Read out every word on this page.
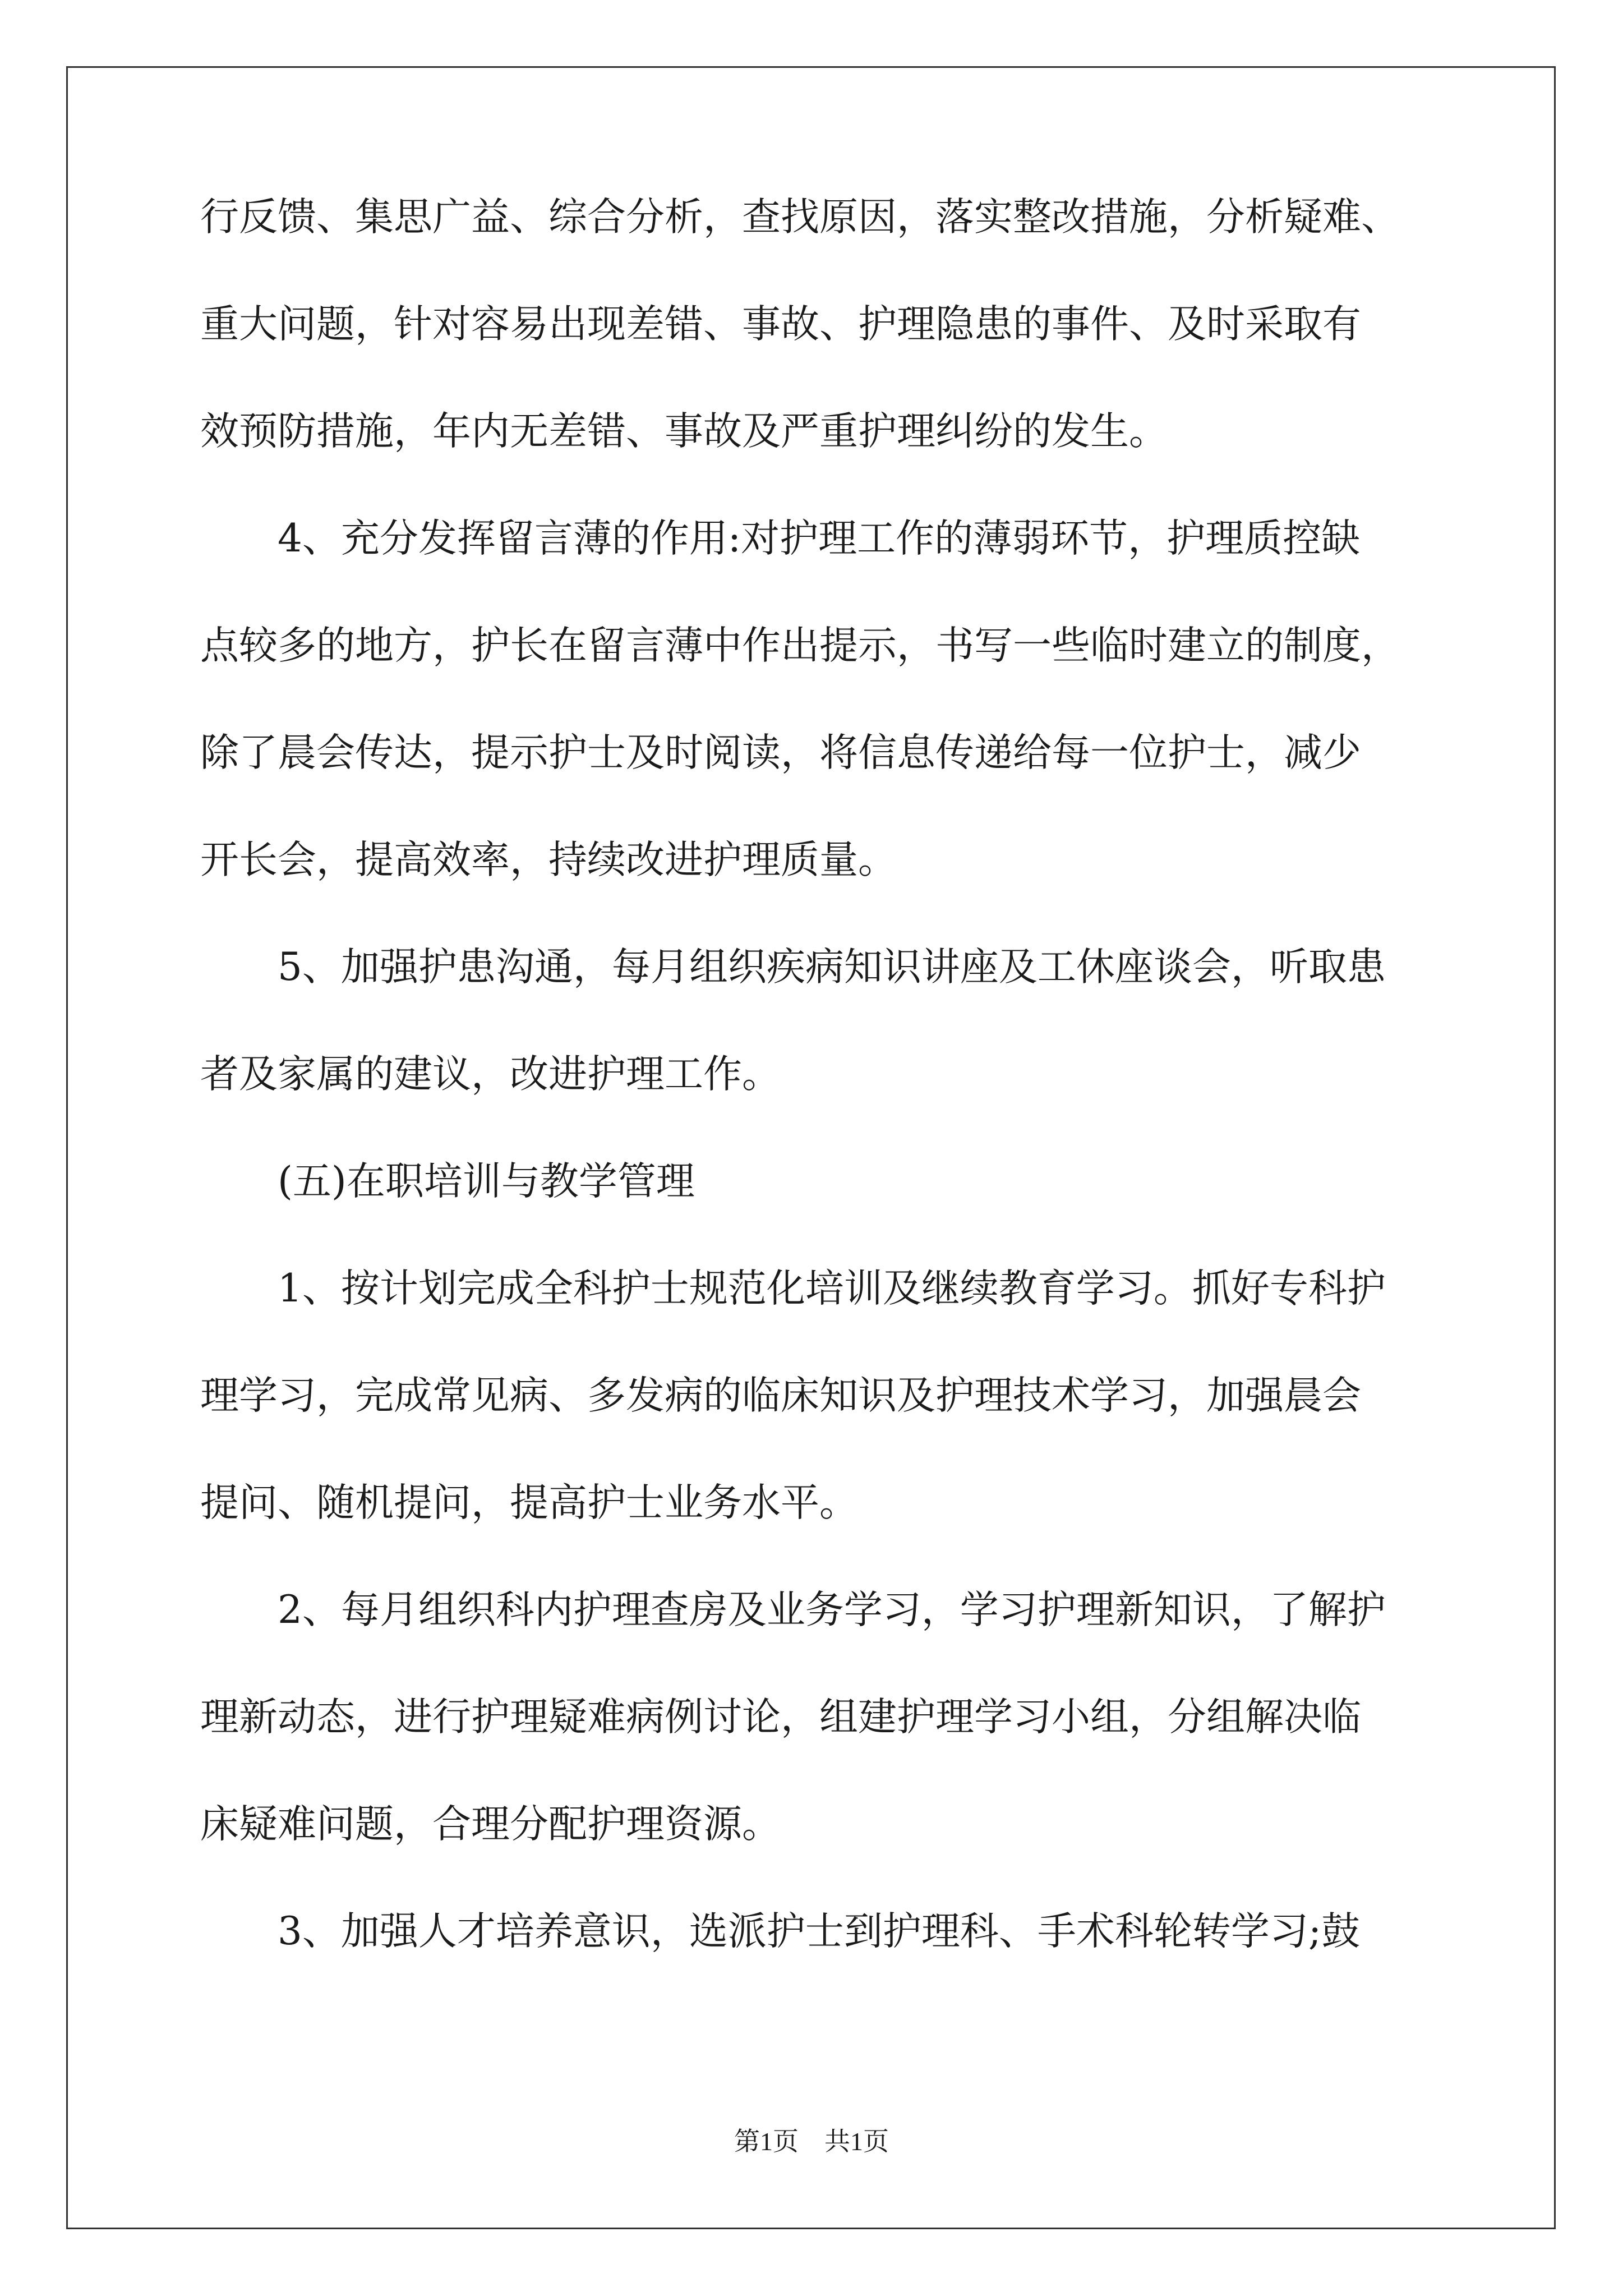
行反馈、集思广益、综合分析，查找原因，落实整改措施，分析疑难、
重大问题，针对容易出现差错、事故、护理隐患的事件、及时采取有
效预防措施，年内无差错、事故及严重护理纠纷的发生。
4、充分发挥留言薄的作用:对护理工作的薄弱环节，护理质控缺
点较多的地方，护长在留言薄中作出提示，书写一些临时建立的制度，
除了晨会传达，提示护士及时阅读，将信息传递给每一位护士，减少
开长会，提高效率，持续改进护理质量。
5、加强护患沟通，每月组织疾病知识讲座及工休座谈会，听取患
者及家属的建议，改进护理工作。
(五)在职培训与教学管理
1、按计划完成全科护士规范化培训及继续教育学习。抓好专科护
理学习，完成常见病、多发病的临床知识及护理技术学习，加强晨会
提问、随机提问，提高护士业务水平。
2、每月组织科内护理查房及业务学习，学习护理新知识，了解护
理新动态，进行护理疑难病例讨论，组建护理学习小组，分组解决临
床疑难问题，合理分配护理资源。
3、加强人才培养意识，选派护士到护理科、手术科轮转学习;鼓
第1页　共1页
